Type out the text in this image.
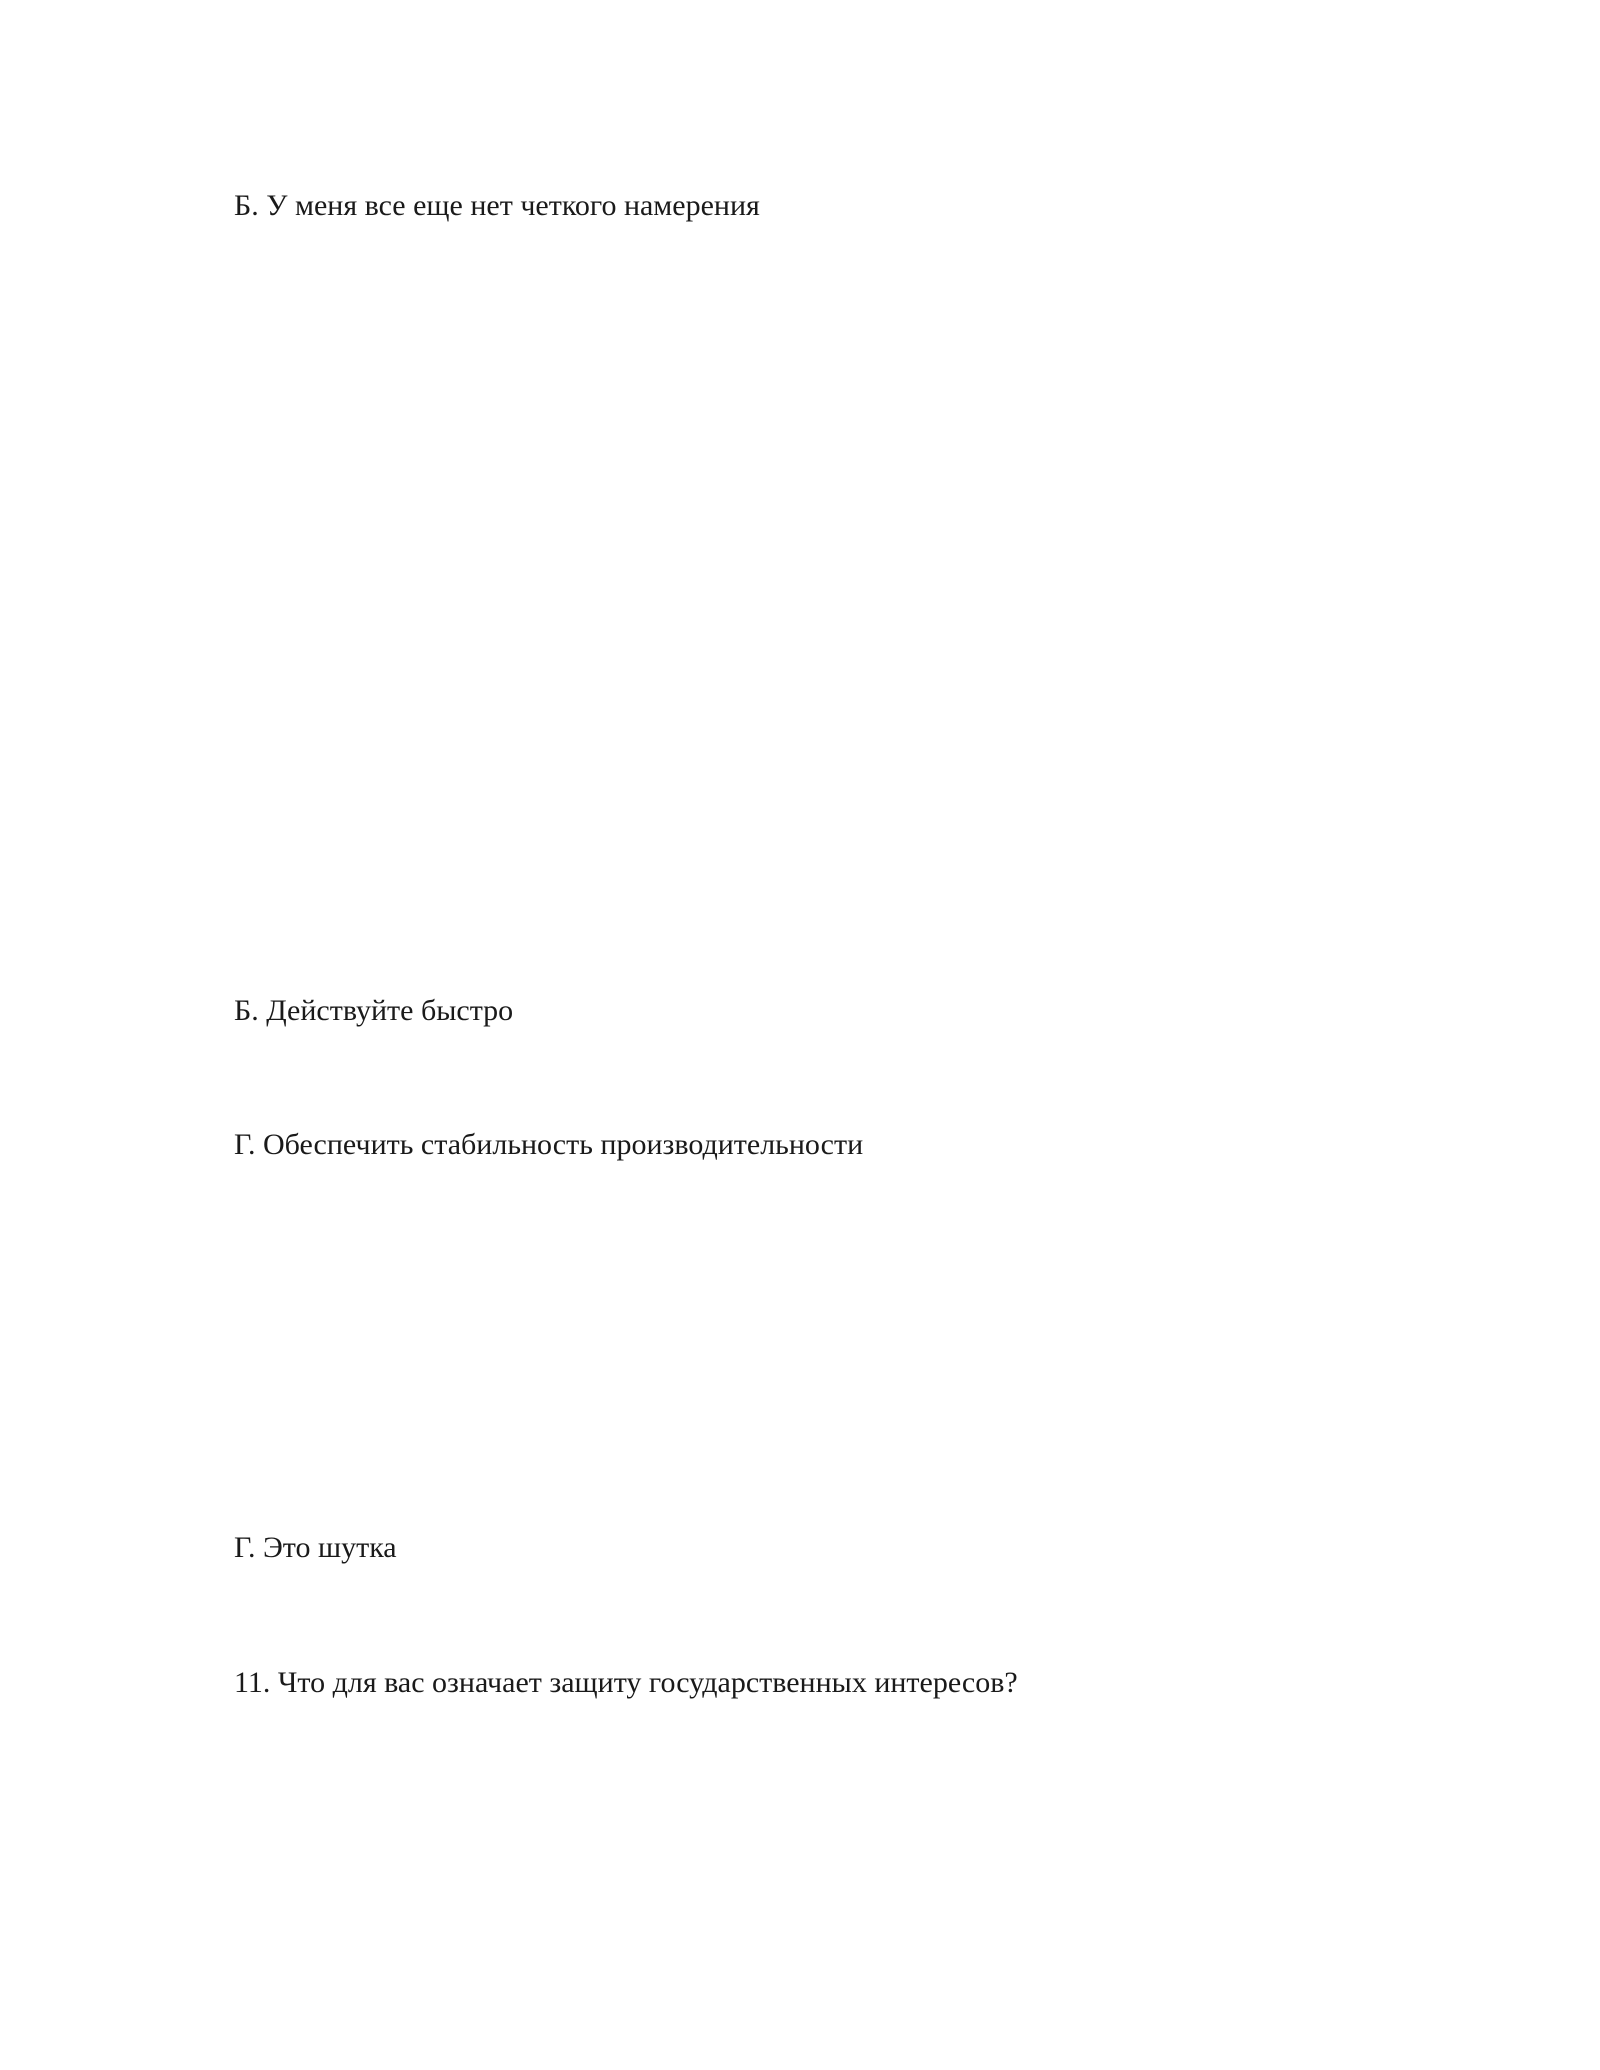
Б. У меня все еще нет четкого намерения

Б. Действуйте быстро

Г. Обеспечить стабильность производительности

Г. Это шутка

11. Что для вас означает защиту государственных интересов?
